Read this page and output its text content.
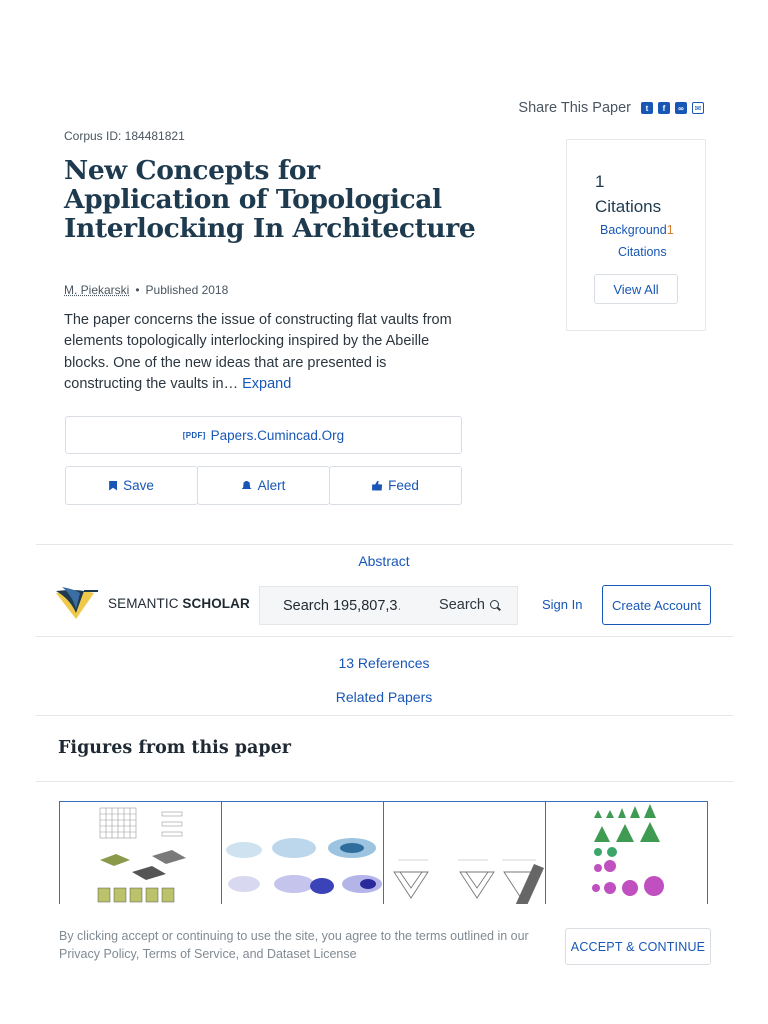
Share This Paper	t	f	∞	✉
Corpus ID: 184481821
New Concepts for Application of Topological Interlocking In Architecture
M. Piekarski • Published 2018

The paper concerns the issue of constructing flat vaults from elements topologically interlocking inspired by the Abeille blocks. One of the new ideas that are presented is constructing the vaults in… Expand

[PDF] Papers.Cumincad.Org
Save	Alert	Feed
1
Citations
Background1
Citations
View All
Abstract
SEMANTIC SCHOLAR
Search 195,807,3…	Search	Sign In	Create Account
13 References
Related Papers
Figures from this paper

By clicking accept or continuing to use the site, you agree to the terms outlined in our Privacy Policy, Terms of Service, and Dataset License

ACCEPT & CONTINUE
